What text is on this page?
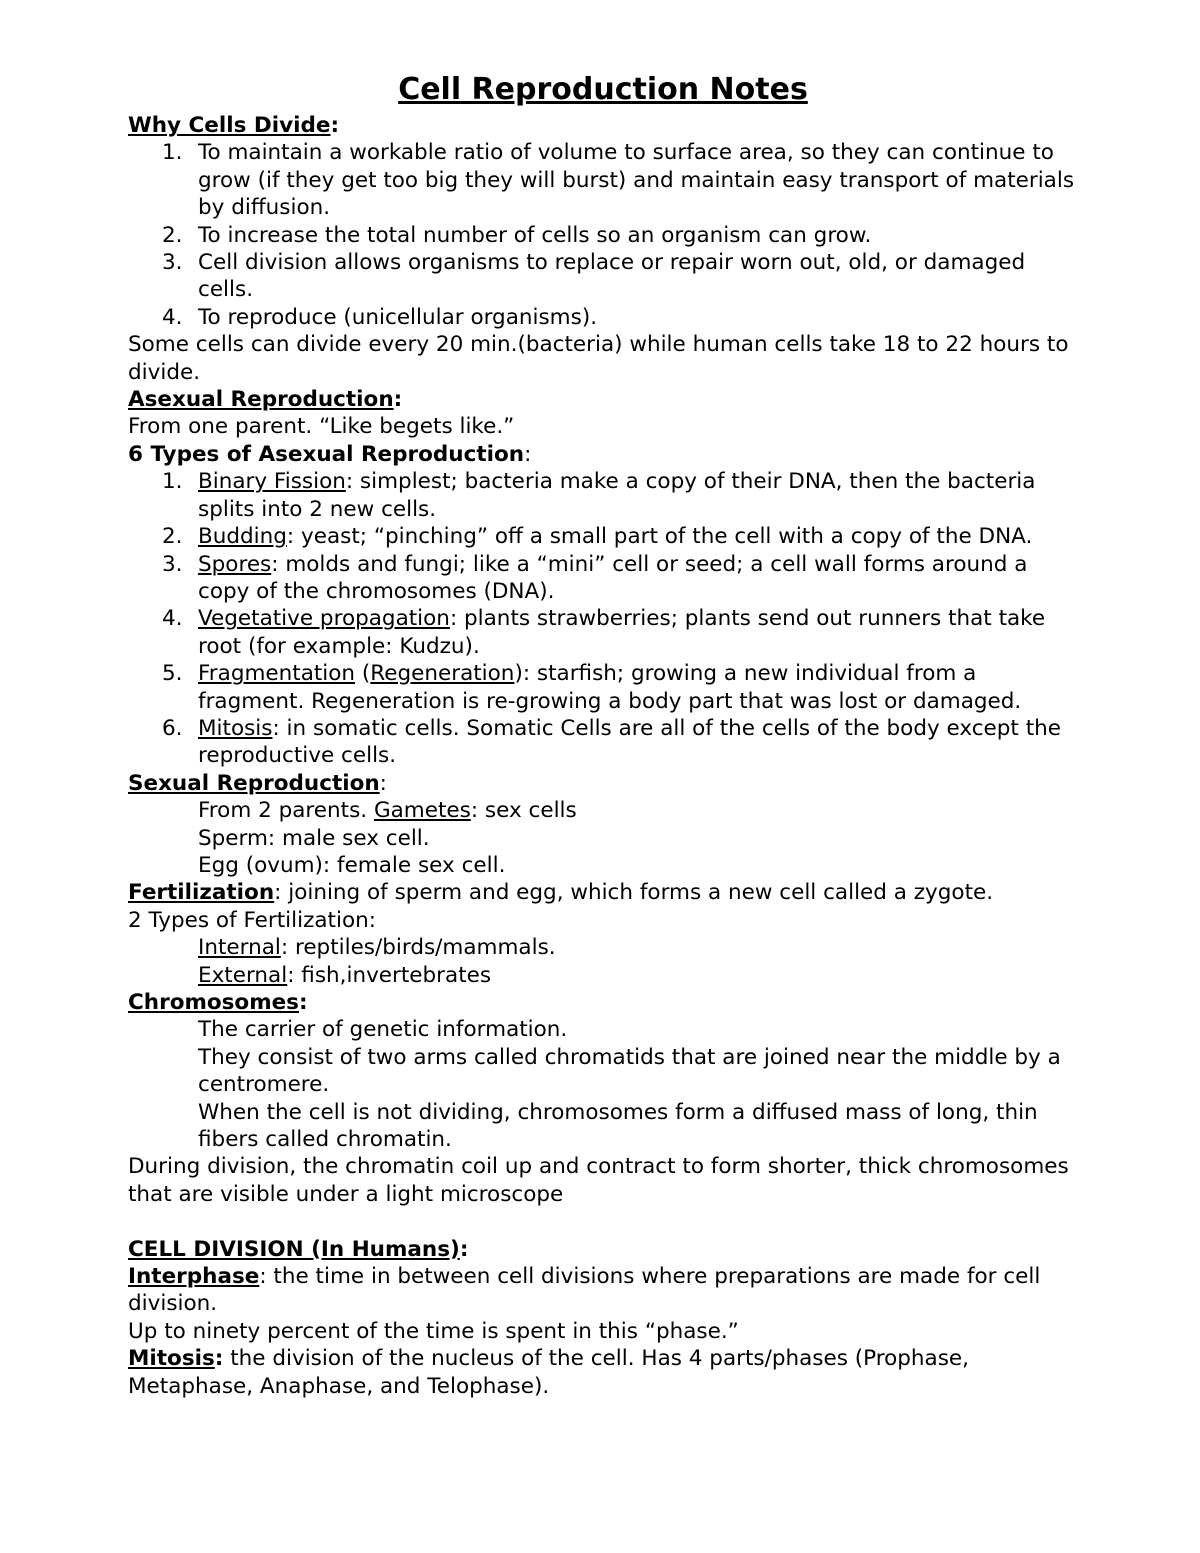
Cell Reproduction Notes
Why Cells Divide:
1. To maintain a workable ratio of volume to surface area, so they can continue to grow (if they get too big they will burst) and maintain easy transport of materials by diffusion.
2. To increase the total number of cells so an organism can grow.
3. Cell division allows organisms to replace or repair worn out, old, or damaged cells.
4. To reproduce (unicellular organisms).
Some cells can divide every 20 min.(bacteria) while human cells take 18 to 22 hours to divide.
Asexual Reproduction:
From one parent. “Like begets like.”
6 Types of Asexual Reproduction:
1. Binary Fission: simplest; bacteria make a copy of their DNA, then the bacteria splits into 2 new cells.
2. Budding: yeast; “pinching” off a small part of the cell with a copy of the DNA.
3. Spores: molds and fungi; like a “mini” cell or seed; a cell wall forms around a copy of the chromosomes (DNA).
4. Vegetative propagation: plants strawberries; plants send out runners that take root (for example: Kudzu).
5. Fragmentation (Regeneration): starfish; growing a new individual from a fragment. Regeneration is re-growing a body part that was lost or damaged.
6. Mitosis: in somatic cells. Somatic Cells are all of the cells of the body except the reproductive cells.
Sexual Reproduction:
From 2 parents. Gametes: sex cells
Sperm: male sex cell.
Egg (ovum): female sex cell.
Fertilization: joining of sperm and egg, which forms a new cell called a zygote.
2 Types of Fertilization:
Internal: reptiles/birds/mammals.
External: fish,invertebrates
Chromosomes:
The carrier of genetic information.
They consist of two arms called chromatids that are joined near the middle by a centromere.
When the cell is not dividing, chromosomes form a diffused mass of long, thin fibers called chromatin.
During division, the chromatin coil up and contract to form shorter, thick chromosomes that are visible under a light microscope
CELL DIVISION (In Humans):
Interphase: the time in between cell divisions where preparations are made for cell division.
Up to ninety percent of the time is spent in this “phase.”
Mitosis: the division of the nucleus of the cell. Has 4 parts/phases (Prophase, Metaphase, Anaphase, and Telophase).
